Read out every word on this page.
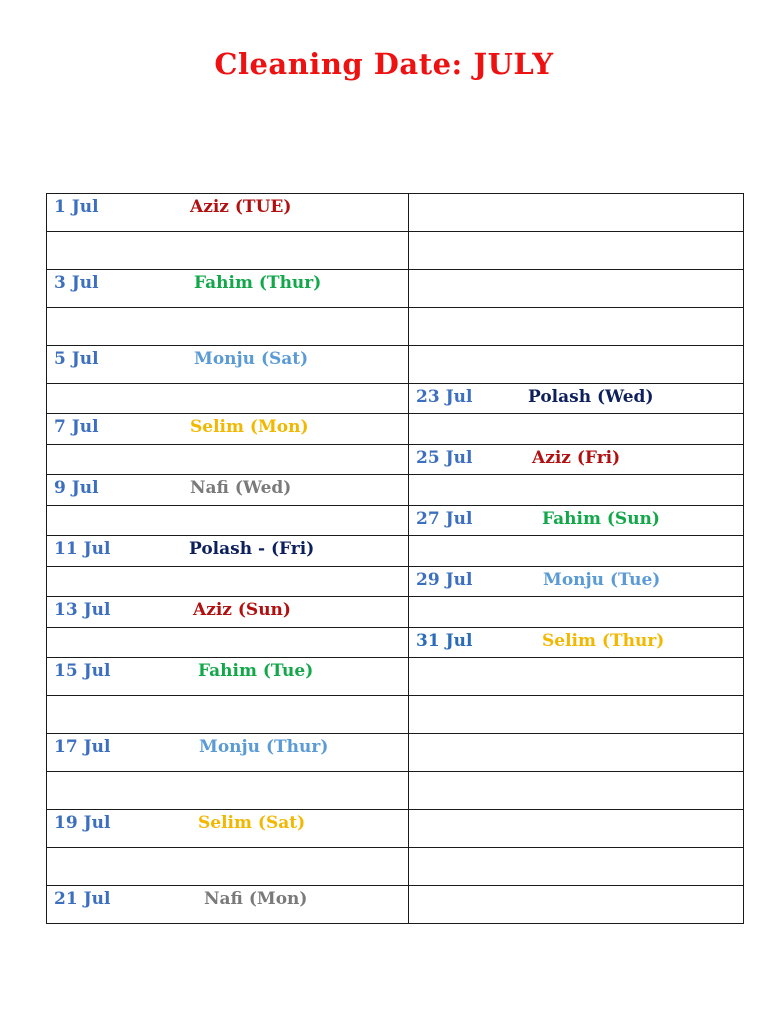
Cleaning Date: JULY
1 Jul Aziz (TUE)	

3 Jul Fahim (Thur)	

5 Jul Monju (Sat)	

	23 Jul Polash (Wed)

7 Jul Selim (Mon)	

	25 Jul Aziz (Fri)

9 Jul Nafi (Wed)	

	27 Jul Fahim (Sun)

11 Jul Polash - (Fri)	

	29 Jul Monju (Tue)

13 Jul Aziz (Sun)	

	31 Jul Selim (Thur)

15 Jul Fahim (Tue)	

17 Jul Monju (Thur)	

19 Jul Selim (Sat)	

21 Jul Nafi (Mon)	
